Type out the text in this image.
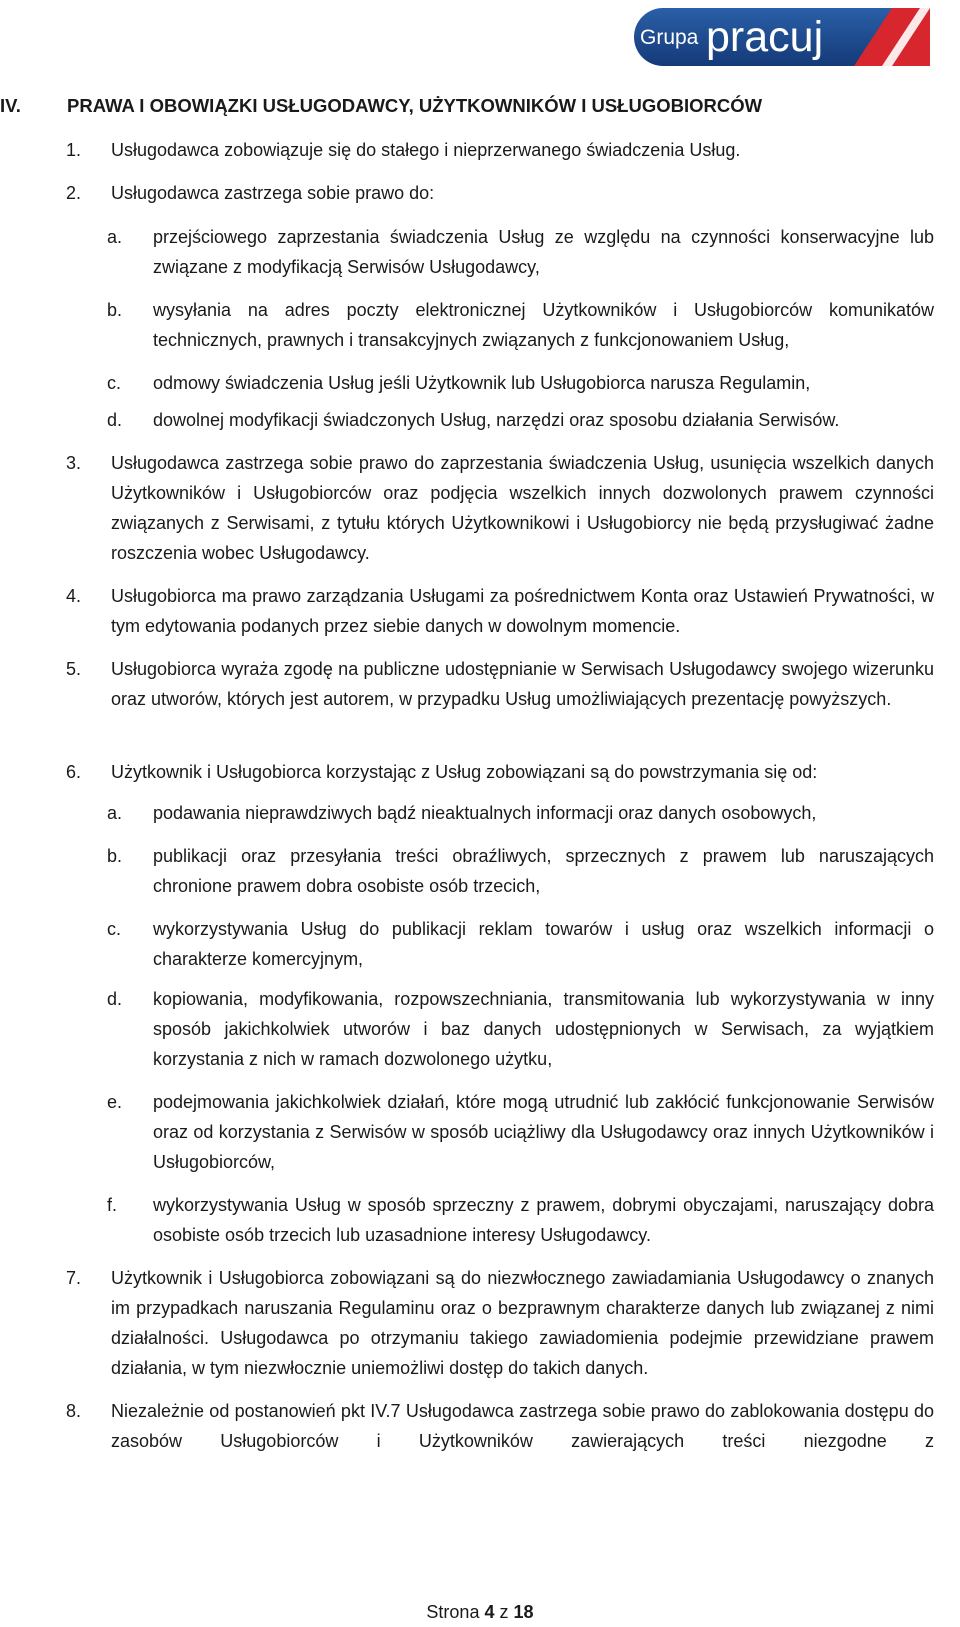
Grupa pracuj
IV. PRAWA I OBOWIĄZKI USŁUGODAWCY, UŻYTKOWNIKÓW I USŁUGOBIORCÓW
1. Usługodawca zobowiązuje się do stałego i nieprzerwanego świadczenia Usług.
2. Usługodawca zastrzega sobie prawo do:
a. przejściowego zaprzestania świadczenia Usług ze względu na czynności konserwacyjne lub związane z modyfikacją Serwisów Usługodawcy,
b. wysyłania na adres poczty elektronicznej Użytkowników i Usługobiorców komunikatów technicznych, prawnych i transakcyjnych związanych z funkcjonowaniem Usług,
c. odmowy świadczenia Usług jeśli Użytkownik lub Usługobiorca narusza Regulamin,
d. dowolnej modyfikacji świadczonych Usług, narzędzi oraz sposobu działania Serwisów.
3. Usługodawca zastrzega sobie prawo do zaprzestania świadczenia Usług, usunięcia wszelkich danych Użytkowników i Usługobiorców oraz podjęcia wszelkich innych dozwolonych prawem czynności związanych z Serwisami, z tytułu których Użytkownikowi i Usługobiorcy nie będą przysługiwać żadne roszczenia wobec Usługodawcy.
4. Usługobiorca ma prawo zarządzania Usługami za pośrednictwem Konta oraz Ustawień Prywatności, w tym edytowania podanych przez siebie danych w dowolnym momencie.
5. Usługobiorca wyraża zgodę na publiczne udostępnianie w Serwisach Usługodawcy swojego wizerunku oraz utworów, których jest autorem, w przypadku Usług umożliwiających prezentację powyższych.
6. Użytkownik i Usługobiorca korzystając z Usług zobowiązani są do powstrzymania się od:
a. podawania nieprawdziwych bądź nieaktualnych informacji oraz danych osobowych,
b. publikacji oraz przesyłania treści obraźliwych, sprzecznych z prawem lub naruszających chronione prawem dobra osobiste osób trzecich,
c. wykorzystywania Usług do publikacji reklam towarów i usług oraz wszelkich informacji o charakterze komercyjnym,
d. kopiowania, modyfikowania, rozpowszechniania, transmitowania lub wykorzystywania w inny sposób jakichkolwiek utworów i baz danych udostępnionych w Serwisach, za wyjątkiem korzystania z nich w ramach dozwolonego użytku,
e. podejmowania jakichkolwiek działań, które mogą utrudnić lub zakłócić funkcjonowanie Serwisów oraz od korzystania z Serwisów w sposób uciążliwy dla Usługodawcy oraz innych Użytkowników i Usługobiorców,
f. wykorzystywania Usług w sposób sprzeczny z prawem, dobrymi obyczajami, naruszający dobra osobiste osób trzecich lub uzasadnione interesy Usługodawcy.
7. Użytkownik i Usługobiorca zobowiązani są do niezwłocznego zawiadamiania Usługodawcy o znanych im przypadkach naruszania Regulaminu oraz o bezprawnym charakterze danych lub związanej z nimi działalności. Usługodawca po otrzymaniu takiego zawiadomienia podejmie przewidziane prawem działania, w tym niezwłocznie uniemożliwi dostęp do takich danych.
8. Niezależnie od postanowień pkt IV.7 Usługodawca zastrzega sobie prawo do zablokowania dostępu do zasobów Usługobiorców i Użytkowników zawierających treści niezgodne z
Strona 4 z 18
